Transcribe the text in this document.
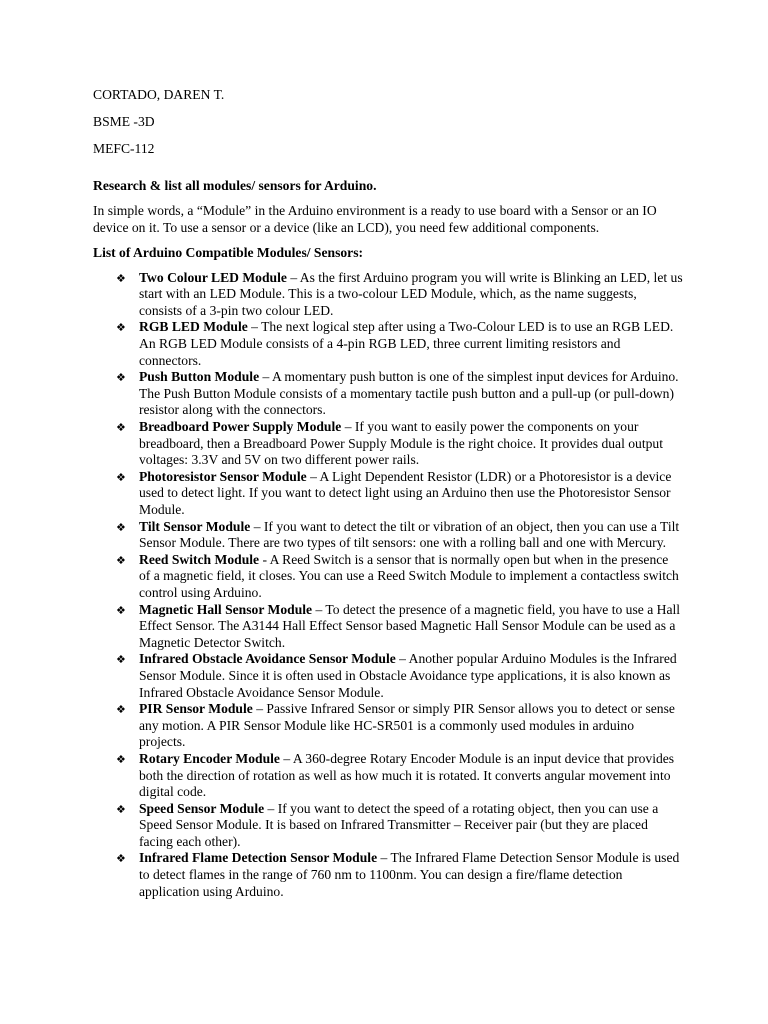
CORTADO, DAREN T.

BSME -3D

MEFC-112

Research & list all modules/ sensors for Arduino.

In simple words, a “Module” in the Arduino environment is a ready to use board with a Sensor or an IO device on it. To use a sensor or a device (like an LCD), you need few additional components.

List of Arduino Compatible Modules/ Sensors:

❖ Two Colour LED Module – As the first Arduino program you will write is Blinking an LED, let us start with an LED Module. This is a two-colour LED Module, which, as the name suggests, consists of a 3-pin two colour LED.
❖ RGB LED Module – The next logical step after using a Two-Colour LED is to use an RGB LED. An RGB LED Module consists of a 4-pin RGB LED, three current limiting resistors and connectors.
❖ Push Button Module – A momentary push button is one of the simplest input devices for Arduino. The Push Button Module consists of a momentary tactile push button and a pull-up (or pull-down) resistor along with the connectors.
❖ Breadboard Power Supply Module – If you want to easily power the components on your breadboard, then a Breadboard Power Supply Module is the right choice. It provides dual output voltages: 3.3V and 5V on two different power rails.
❖ Photoresistor Sensor Module – A Light Dependent Resistor (LDR) or a Photoresistor is a device used to detect light. If you want to detect light using an Arduino then use the Photoresistor Sensor Module.
❖ Tilt Sensor Module – If you want to detect the tilt or vibration of an object, then you can use a Tilt Sensor Module. There are two types of tilt sensors: one with a rolling ball and one with Mercury.
❖ Reed Switch Module - A Reed Switch is a sensor that is normally open but when in the presence of a magnetic field, it closes. You can use a Reed Switch Module to implement a contactless switch control using Arduino.
❖ Magnetic Hall Sensor Module – To detect the presence of a magnetic field, you have to use a Hall Effect Sensor. The A3144 Hall Effect Sensor based Magnetic Hall Sensor Module can be used as a Magnetic Detector Switch.
❖ Infrared Obstacle Avoidance Sensor Module – Another popular Arduino Modules is the Infrared Sensor Module. Since it is often used in Obstacle Avoidance type applications, it is also known as Infrared Obstacle Avoidance Sensor Module.
❖ PIR Sensor Module – Passive Infrared Sensor or simply PIR Sensor allows you to detect or sense any motion. A PIR Sensor Module like HC-SR501 is a commonly used modules in arduino projects.
❖ Rotary Encoder Module – A 360-degree Rotary Encoder Module is an input device that provides both the direction of rotation as well as how much it is rotated. It converts angular movement into digital code.
❖ Speed Sensor Module – If you want to detect the speed of a rotating object, then you can use a Speed Sensor Module. It is based on Infrared Transmitter – Receiver pair (but they are placed facing each other).
❖ Infrared Flame Detection Sensor Module – The Infrared Flame Detection Sensor Module is used to detect flames in the range of 760 nm to 1100nm. You can design a fire/flame detection application using Arduino.
